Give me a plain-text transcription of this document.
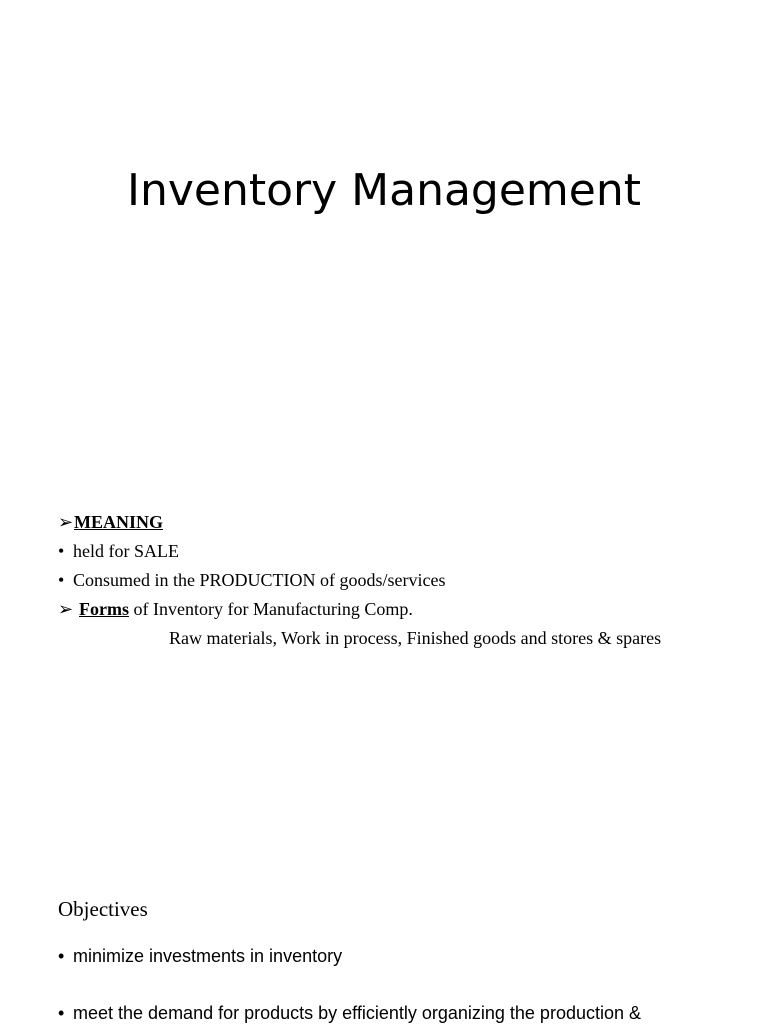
Inventory Management
➢MEANING
• held for SALE
• Consumed in the PRODUCTION of goods/services
➢ Forms of Inventory for Manufacturing Comp.
Raw materials, Work in process, Finished goods and stores & spares
Objectives
• minimize investments in inventory
• meet the demand for products by efficiently organizing the production &
